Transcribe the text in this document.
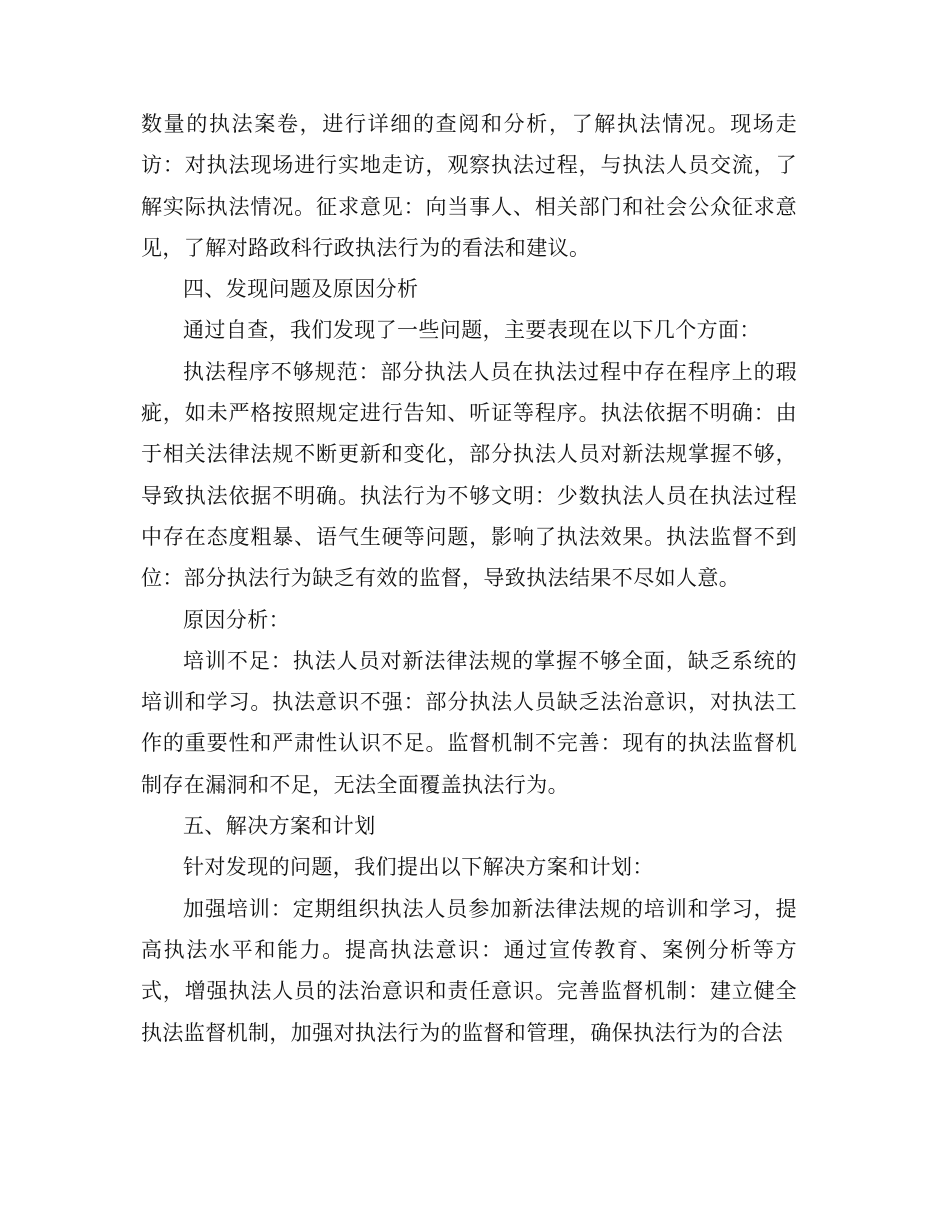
数量的执法案卷，进行详细的查阅和分析，了解执法情况。现场走访：对执法现场进行实地走访，观察执法过程，与执法人员交流，了解实际执法情况。征求意见：向当事人、相关部门和社会公众征求意见，了解对路政科行政执法行为的看法和建议。

四、发现问题及原因分析

通过自查，我们发现了一些问题，主要表现在以下几个方面：

执法程序不够规范：部分执法人员在执法过程中存在程序上的瑕疵，如未严格按照规定进行告知、听证等程序。执法依据不明确：由于相关法律法规不断更新和变化，部分执法人员对新法规掌握不够，导致执法依据不明确。执法行为不够文明：少数执法人员在执法过程中存在态度粗暴、语气生硬等问题，影响了执法效果。执法监督不到位：部分执法行为缺乏有效的监督，导致执法结果不尽如人意。

原因分析：

培训不足：执法人员对新法律法规的掌握不够全面，缺乏系统的培训和学习。执法意识不强：部分执法人员缺乏法治意识，对执法工作的重要性和严肃性认识不足。监督机制不完善：现有的执法监督机制存在漏洞和不足，无法全面覆盖执法行为。

五、解决方案和计划

针对发现的问题，我们提出以下解决方案和计划：

加强培训：定期组织执法人员参加新法律法规的培训和学习，提高执法水平和能力。提高执法意识：通过宣传教育、案例分析等方式，增强执法人员的法治意识和责任意识。完善监督机制：建立健全执法监督机制，加强对执法行为的监督和管理，确保执法行为的合法
